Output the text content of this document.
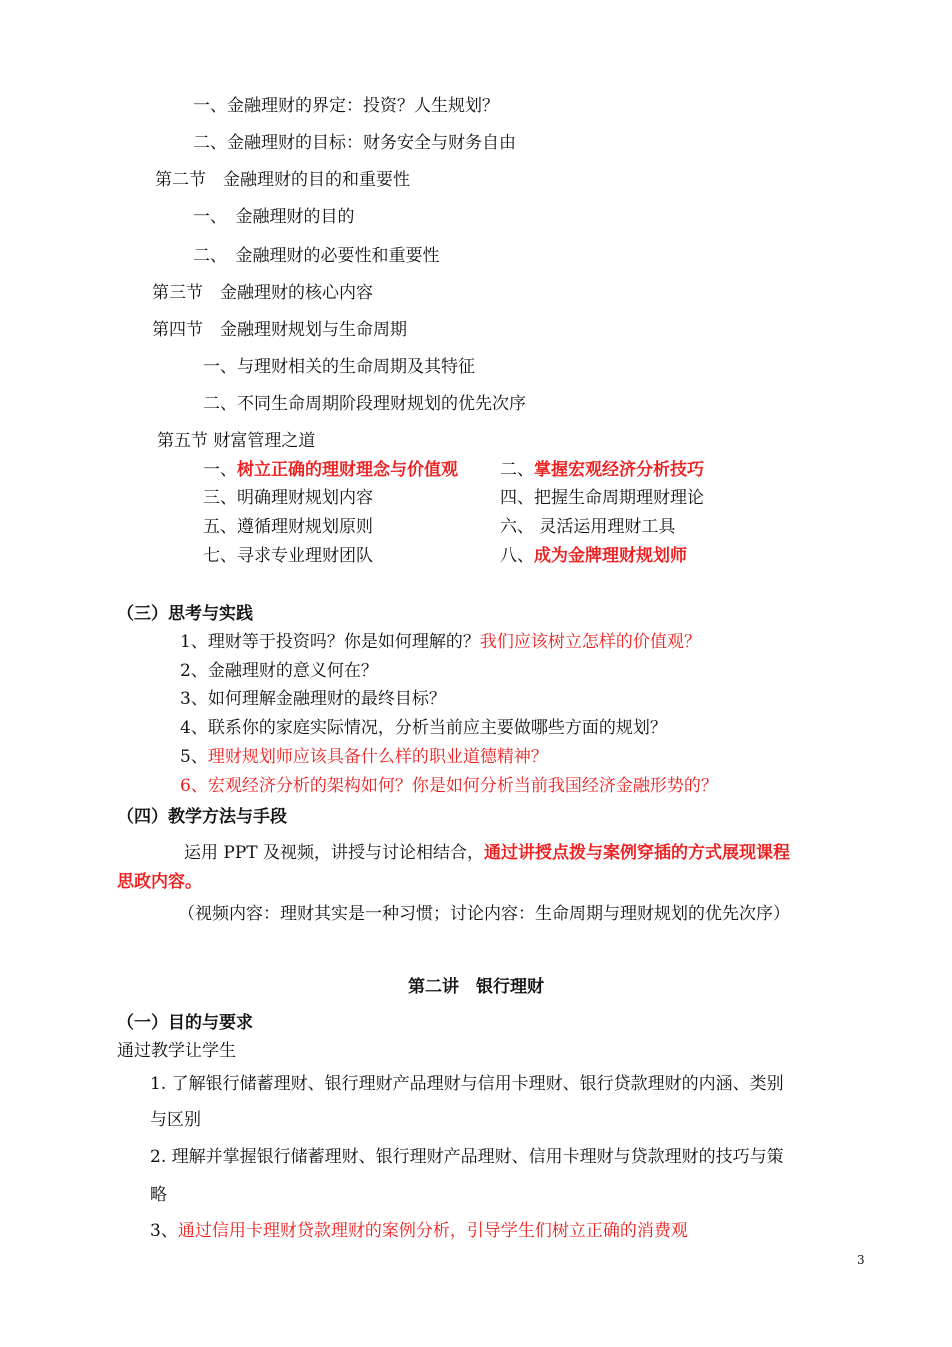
一、金融理财的界定：投资？人生规划？
二、金融理财的目标：财务安全与财务自由
第二节　金融理财的目的和重要性
一、　金融理财的目的
二、　金融理财的必要性和重要性
第三节　金融理财的核心内容
第四节　金融理财规划与生命周期
一、与理财相关的生命周期及其特征
二、不同生命周期阶段理财规划的优先次序
第五节 财富管理之道
一、树立正确的理财理念与价值观 二、掌握宏观经济分析技巧
三、明确理财规划内容	四、把握生命周期理财理论
五、遵循理财规划原则	六、 灵活运用理财工具
七、寻求专业理财团队	八、成为金牌理财规划师
（三）思考与实践
1、理财等于投资吗？你是如何理解的？我们应该树立怎样的价值观？
2、金融理财的意义何在？
3、如何理解金融理财的最终目标？
4、联系你的家庭实际情况，分析当前应主要做哪些方面的规划？
5、理财规划师应该具备什么样的职业道德精神？
6、宏观经济分析的架构如何？你是如何分析当前我国经济金融形势的？
（四）教学方法与手段
运用 PPT 及视频，讲授与讨论相结合，通过讲授点拨与案例穿插的方式展现课程
思政内容。
（视频内容：理财其实是一种习惯；讨论内容：生命周期与理财规划的优先次序）
第二讲　银行理财
（一）目的与要求
通过教学让学生
1. 了解银行储蓄理财、银行理财产品理财与信用卡理财、银行贷款理财的内涵、类别
与区别
2. 理解并掌握银行储蓄理财、银行理财产品理财、信用卡理财与贷款理财的技巧与策
略
3、通过信用卡理财贷款理财的案例分析，引导学生们树立正确的消费观
3
